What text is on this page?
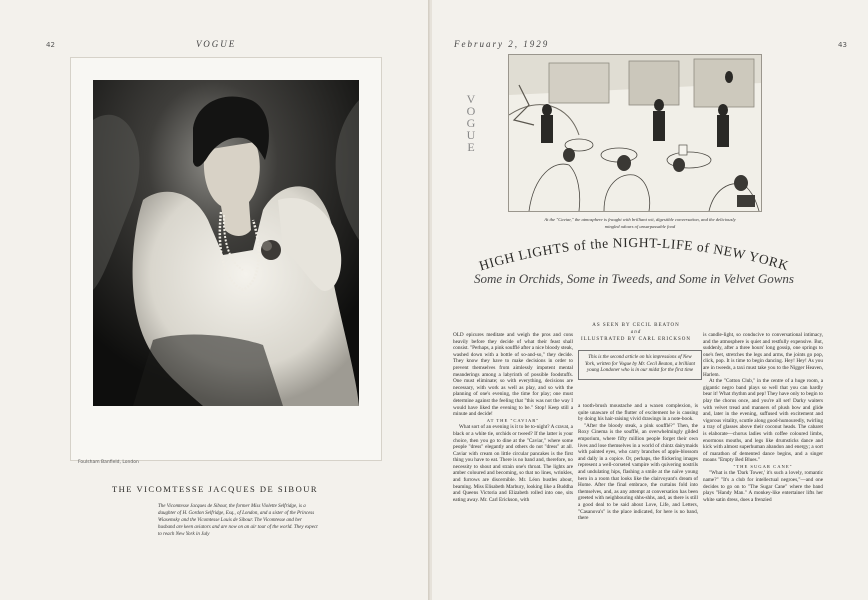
42	VOGUE
Foulsham Banfield, London
THE VICOMTESSE JACQUES DE SIBOUR
The Vicomtesse Jacques de Sibour, the former Miss Violette Selfridge, is a daughter of H. Gordon Selfridge, Esq., of London, and a sister of the Princess Wiasemsky and the Vicomtesse Louis de Sibour. The Vicomtesse and her husband are keen aviators and are now on an air tour of the world. They expect to reach New York in July
February 2, 1929	43
VOGUE
At the "Caviar," the atmosphere is fraught with brilliant wit, digestible conversation, and the deliciously mingled odours of unsurpassable food
HIGH LIGHTS of the NIGHT-LIFE of NEW YORK
Some in Orchids, Some in Tweeds, and Some in Velvet Gowns
AS SEEN BY CECIL BEATON
and
ILLUSTRATED BY CARL ERICKSON
This is the second article on his impressions of New York, written for Vogue by Mr. Cecil Beaton, a brilliant young Londoner who is in our midst for the first time

OLD epicures meditate and weigh the pros and cons heavily before they decide of what their feast shall consist. "Perhaps, a pink soufflé after a nice bloody steak, washed down with a bottle of so-and-so," they decide. They know they have to make decisions in order to prevent themselves from aimlessly impotent mental meanderings among a labyrinth of possible foodstuffs. One must eliminate; so with everything, decisions are necessary, with work as well as play, and so with the planning of one's evening, the time for play; one must determine against the feeling that "this was not the way I would have liked the evening to be." Stop! Keep still a minute and decide!

AT THE "CAVIAR"

What sort of an evening is it to be to-night? A cravat, a black or a white tie, orchids or tweed? If the latter is your choice, then you go to dine at the "Caviar," where some people "dress" elegantly and others do not "dress" at all. Caviar with cream on little circular pancakes is the first thing you have to eat. There is no band and, therefore, no necessity to shout and strain one's throat. The lights are amber coloured and becoming, so that no lines, wrinkles, and furrows are discernible. Mr. Léon bustles about, beaming. Miss Elisabeth Marbury, looking like a Buddha and Queens Victoria and Elizabeth rolled into one, sits eating away. Mr. Carl Erickson, with

a tooth-brush moustache and a waxen complexion, is quite unaware of the flutter of excitement he is causing by doing his hair-raising vivid drawings in a note-book.

"After the bloody steak, a pink soufflé?" Then, the Roxy Cinema is the soufflé, an overwhelmingly gilded emporium, where fifty million people forget their own lives and lose themselves in a world of chintz dairymaids with painted eyes, who carry branches of apple-blossom and dally in a copice. Or, perhaps, the flickering images represent a well-corseted vampire with quivering nostrils and undulating hips, flashing a smile at the naïve young hero in a room that looks like the clairvoyant's dream of Home. After the final embrace, the curtains fold into themselves, and, as any attempt at conversation has been greeted with neighbouring shhs-shhs, and, as there is still a good deal to be said about Love, Life, and Letters, "Casanova's" is the place indicated, for here is no band, there

is candle-light, so conducive to conversational intimacy, and the atmosphere is quiet and restfully expensive. But, suddenly, after a three hours' long gossip, one springs to one's feet, stretches the legs and arms, the joints go pop, click, pop. It is time to begin dancing. Hey! Hey! As you are in tweeds, a taxi must take you to the Nigger Heaven, Harlem.

At the "Cotton Club," in the centre of a huge room, a gigantic negro band plays so well that you can hardly bear it! What rhythm and pep! They have only to begin to play the chorus once, and you're all set! Darky waiters with velvet tread and manners of plush bow and glide and, later in the evening, suffused with excitement and vigorous vitality, scuttle along good-humouredly, twirling a tray of glasses above their coconut heads. The cabaret is elaborate—chorus ladies with coffee coloured limbs, enormous mouths, and legs like drumsticks dance and kick with almost superhuman abandon and energy; a sort of marathon of demented dance begins, and a singer moans "Empty Bed Blues."

"THE SUGAR CANE"

"What is the 'Dark Tower,' it's such a lovely, romantic name?" "It's a club for intellectual negroes,"—and one decides to go on to "The Sugar Cane" where the band plays "Handy Man." A monkey-like entertainer lifts her white satin dress, does a frenzied
